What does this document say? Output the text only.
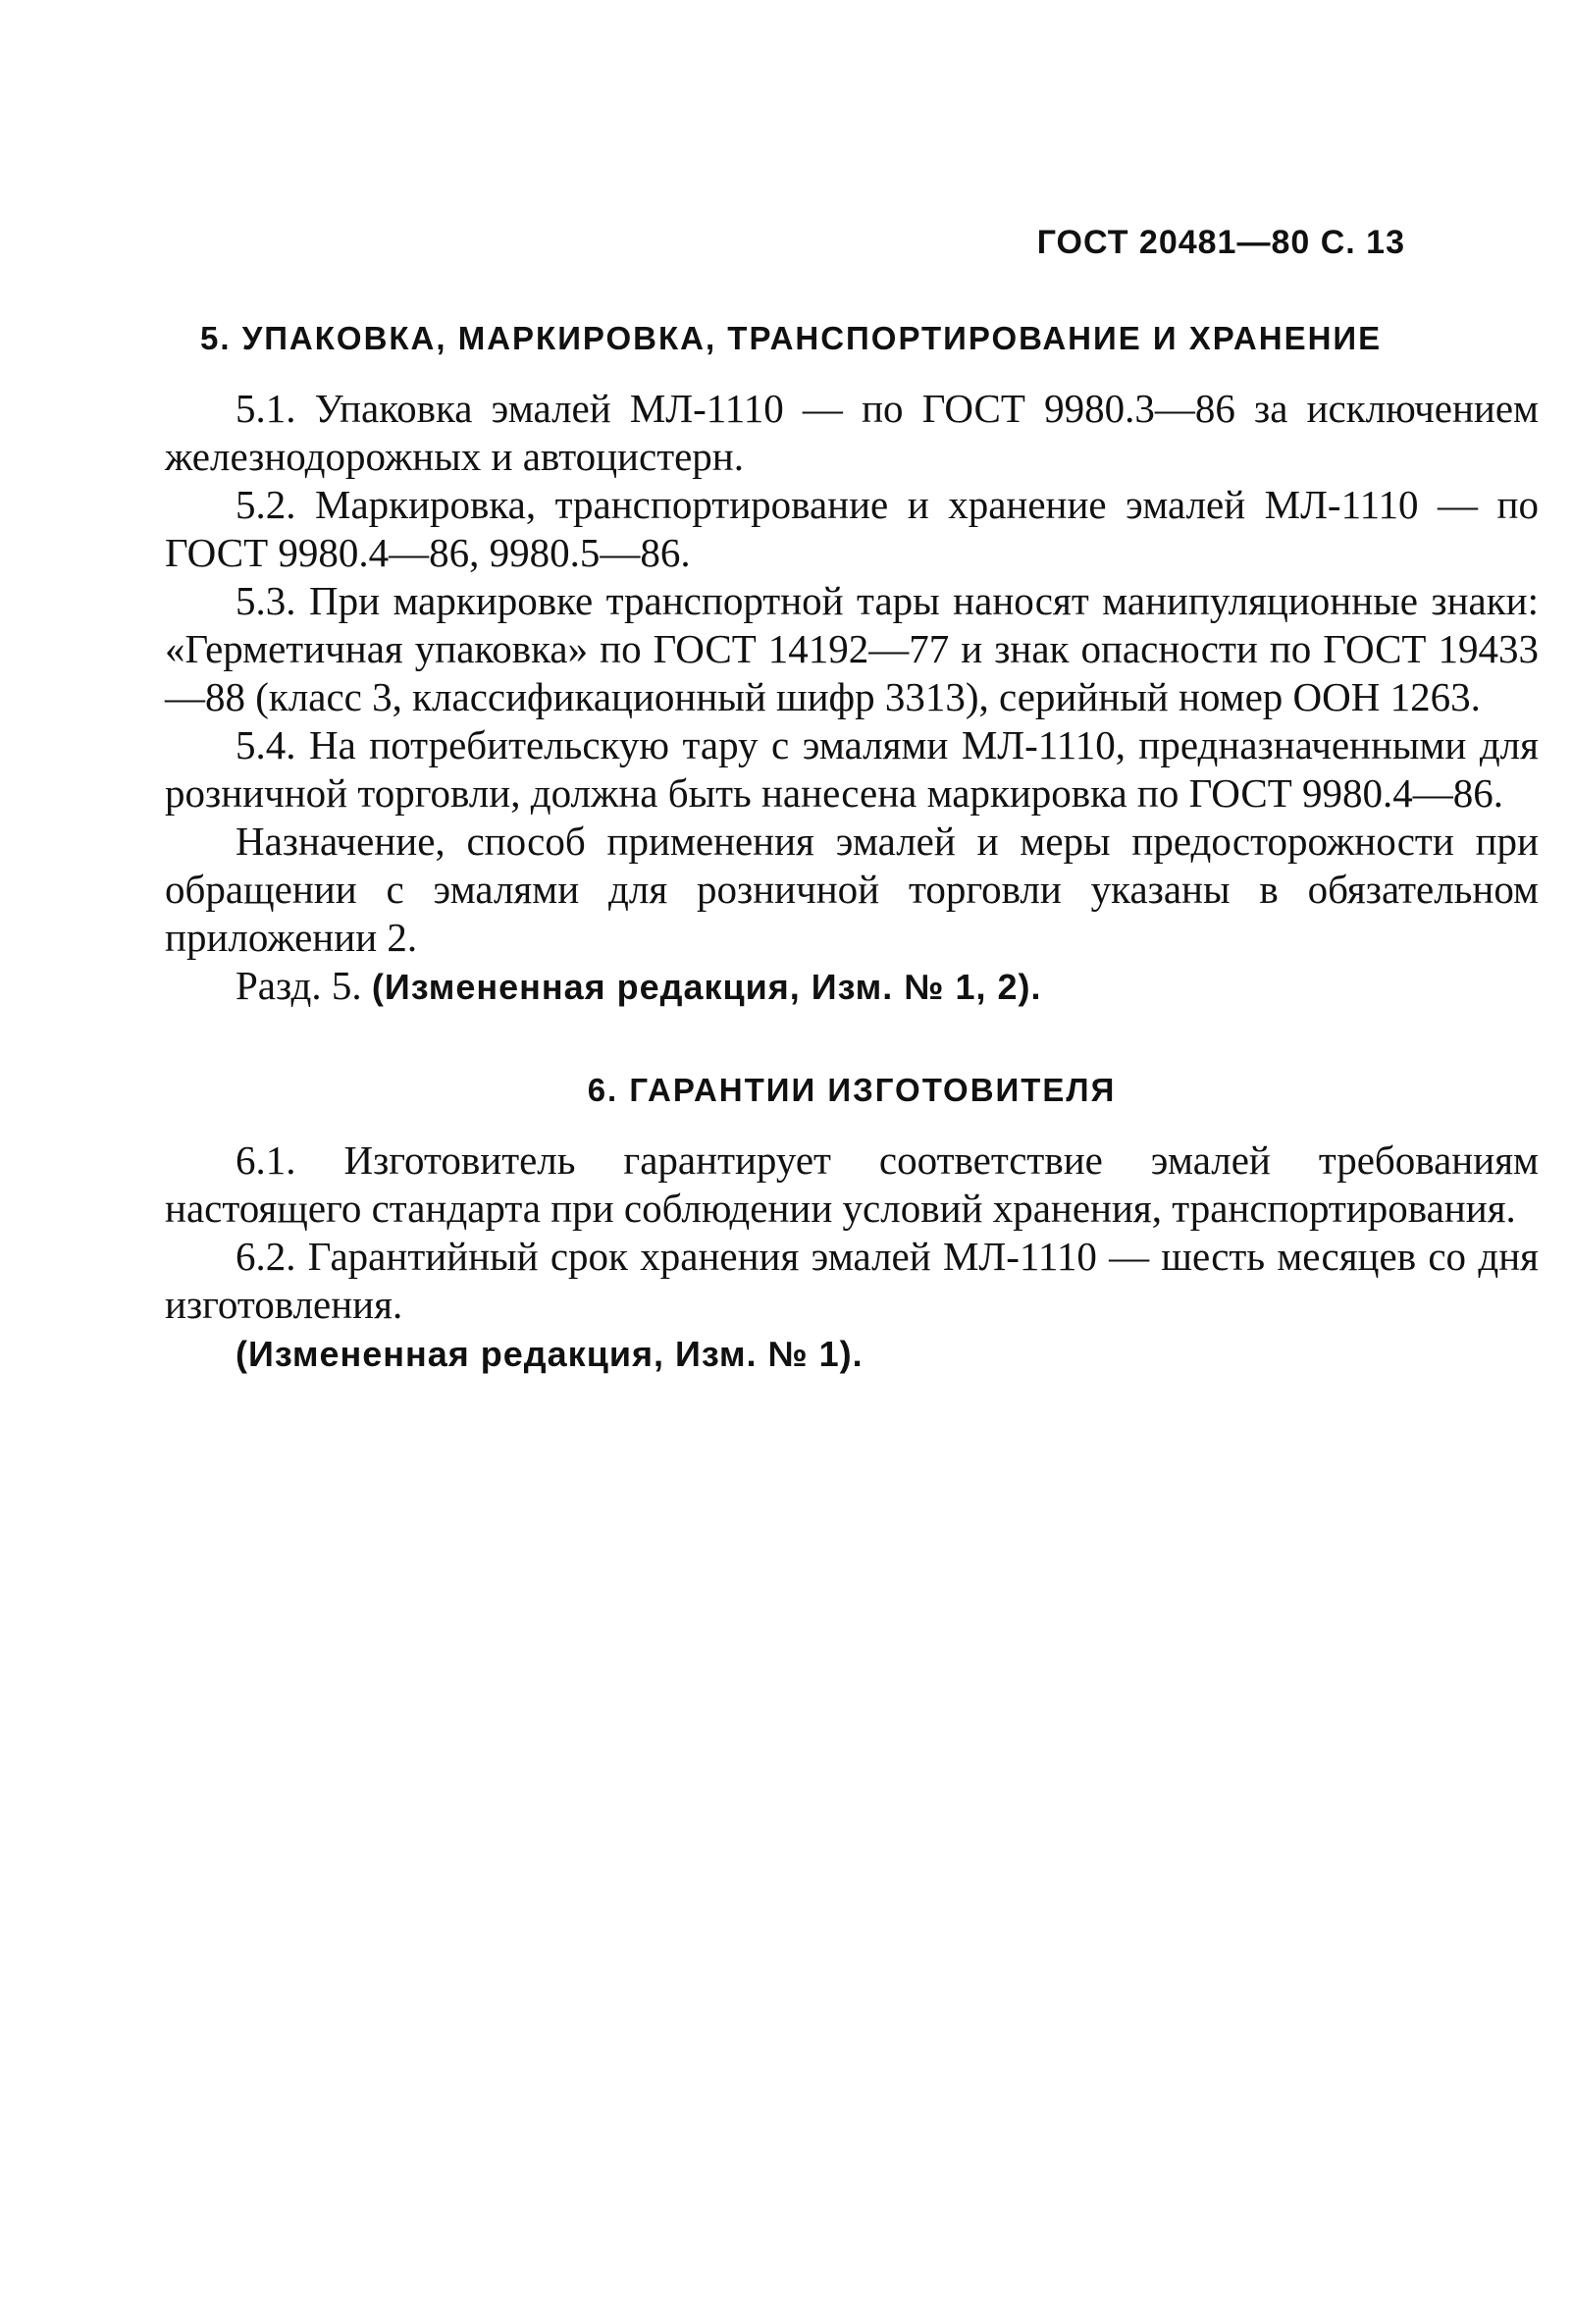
ГОСТ 20481—80 С. 13
5. УПАКОВКА, МАРКИРОВКА, ТРАНСПОРТИРОВАНИЕ И ХРАНЕНИЕ

5.1. Упаковка эмалей МЛ-1110 — по ГОСТ 9980.3—86 за исключением железнодорожных и автоцистерн.

5.2. Маркировка, транспортирование и хранение эмалей МЛ-1110 — по ГОСТ 9980.4—86, 9980.5—86.

5.3. При маркировке транспортной тары наносят манипуляционные знаки: «Герметичная упаковка» по ГОСТ 14192—77 и знак опасности по ГОСТ 19433—88 (класс 3, классификационный шифр 3313), серийный номер ООН 1263.

5.4. На потребительскую тару с эмалями МЛ-1110, предназначенными для розничной торговли, должна быть нанесена маркировка по ГОСТ 9980.4—86.

Назначение, способ применения эмалей и меры предосторожности при обращении с эмалями для розничной торговли указаны в обязательном приложении 2.

Разд. 5. (Измененная редакция, Изм. № 1, 2).

6. ГАРАНТИИ ИЗГОТОВИТЕЛЯ

6.1. Изготовитель гарантирует соответствие эмалей требованиям настоящего стандарта при соблюдении условий хранения, транспортирования.

6.2. Гарантийный срок хранения эмалей МЛ-1110 — шесть месяцев со дня изготовления.

(Измененная редакция, Изм. № 1).
